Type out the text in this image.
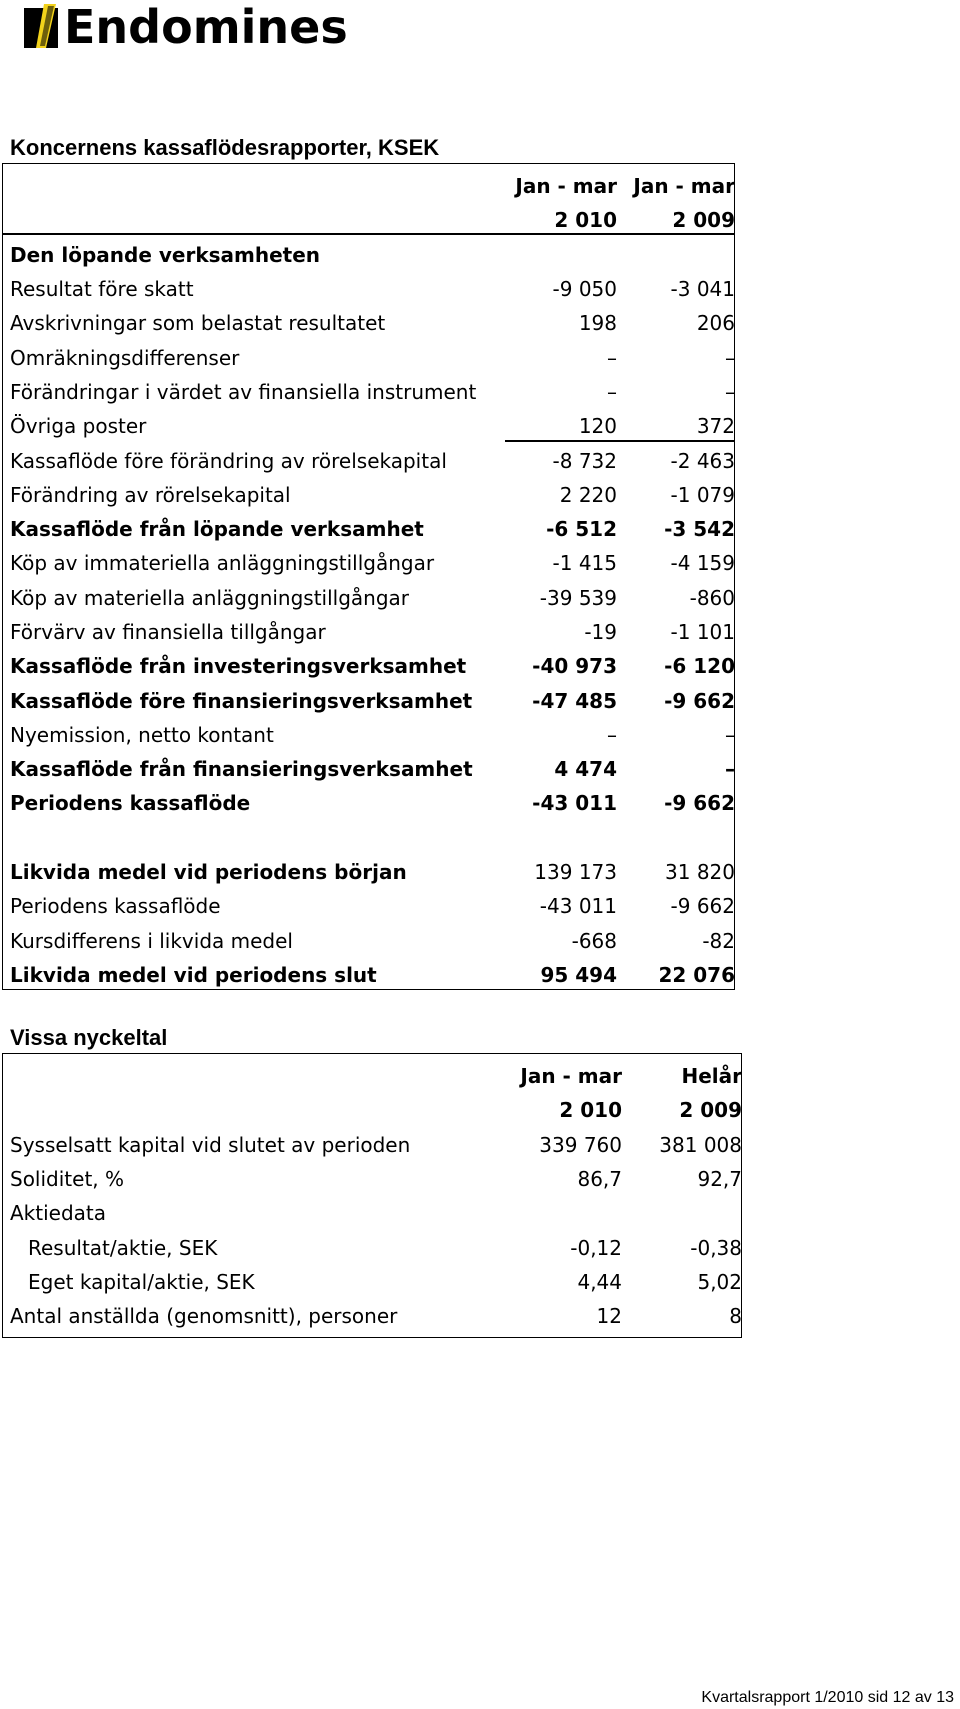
Endomines
Koncernens kassaflödesrapporter, KSEK
	Jan - mar	Jan - mar
	2 010	2 009
Den löpande verksamheten		
Resultat före skatt	-9 050	-3 041
Avskrivningar som belastat resultatet	198	206
Omräkningsdifferenser	–	–
Förändringar i värdet av finansiella instrument	–	–
Övriga poster	120	372
Kassaflöde före förändring av rörelsekapital	-8 732	-2 463
Förändring av rörelsekapital	2 220	-1 079
Kassaflöde från löpande verksamhet	-6 512	-3 542
Köp av immateriella anläggningstillgångar	-1 415	-4 159
Köp av materiella anläggningstillgångar	-39 539	-860
Förvärv av finansiella tillgångar	-19	-1 101
Kassaflöde från investeringsverksamhet	-40 973	-6 120
Kassaflöde före finansieringsverksamhet	-47 485	-9 662
Nyemission, netto kontant	–	–
Kassaflöde från finansieringsverksamhet	4 474	–
Periodens kassaflöde	-43 011	-9 662

Likvida medel vid periodens början	139 173	31 820
Periodens kassaflöde	-43 011	-9 662
Kursdifferens i likvida medel	-668	-82
Likvida medel vid periodens slut	95 494	22 076
Vissa nyckeltal
	Jan - mar	Helår
	2 010	2 009
Sysselsatt kapital vid slutet av perioden	339 760	381 008
Soliditet, %	86,7	92,7
Aktiedata		
Resultat/aktie, SEK	-0,12	-0,38
Eget kapital/aktie, SEK	4,44	5,02
Antal anställda (genomsnitt), personer	12	8
Kvartalsrapport 1/2010 sid 12 av 13
